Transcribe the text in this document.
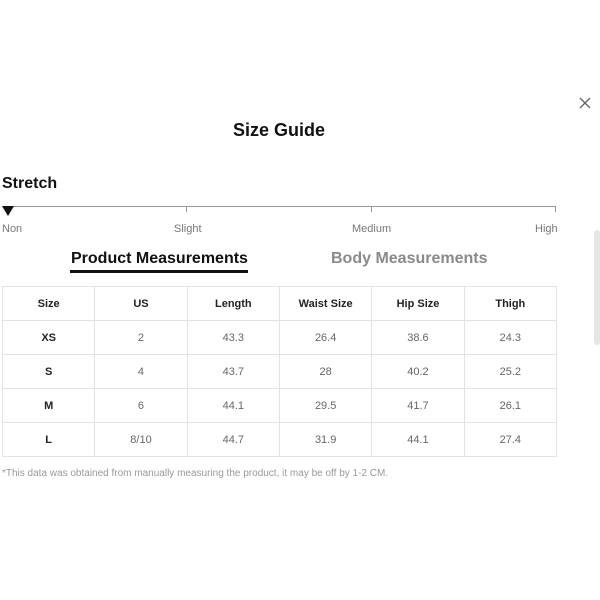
Size Guide
Stretch
Non	Slight	Medium	High
Product Measurements	Body Measurements
Size	US	Length	Waist Size	Hip Size	Thigh
XS	2	43.3	26.4	38.6	24.3
S	4	43.7	28	40.2	25.2
M	6	44.1	29.5	41.7	26.1
L	8/10	44.7	31.9	44.1	27.4
*This data was obtained from manually measuring the product, it may be off by 1-2 CM.
